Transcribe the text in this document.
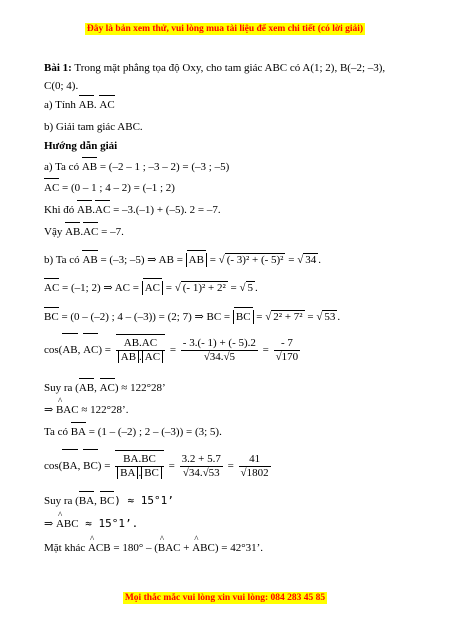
Đây là bản xem thử, vui lòng mua tài liệu để xem chi tiết (có lời giải)
Bài 1: Trong mặt phẳng tọa độ Oxy, cho tam giác ABC có A(1; 2), B(–2; –3),
C(0; 4).
a) Tính AB. AC
b) Giải tam giác ABC.
Hướng dẫn giải
a) Ta có AB = (–2 – 1 ; –3 – 2) = (–3 ; –5)
AC = (0 – 1 ; 4 – 2) = (–1 ; 2)
Khi đó AB.AC = –3.(–1) + (–5). 2 = –7.
Vậy AB.AC = –7.
b) Ta có AB = (–3; –5) ⇒ AB = AB = √ (- 3)² + (- 5)² = √ 34 .
AC = (–1; 2) ⇒ AC = AC = √ (- 1)² + 2² = √ 5 .
BC = (0 – (–2) ; 4 – (–3)) = (2; 7) ⇒ BC = BC = √ 2² + 7² = √ 53 .
cos(AB, $AC) = \frac{AB.AC}{AB . AC} = \frac{- 3.(- 1) + (- 5).2}{√34.√5} = \frac{- 7}{√170}$
Suy ra (AB, AC) ≈ 122°28’
⇒ ^ BAC ≈ 122°28’.
Ta có BA = (1 – (–2) ; 2 – (–3)) = (3; 5).
cos(BA, $BC) = \frac{BA.BC}{BA . BC} = \frac{3.2 + 5.7}{√34.√53} = \frac{41}{√1802}$
Suy ra (BA, BC) ≈ 15°1’
⇒ ^ ABC ≈ 15°1’.
Mặt khác ^ ACB = 180° – (^ BAC + ^ ABC) = 42°31’.
Mọi thắc mắc vui lòng xin vui lòng: 084 283 45 85
